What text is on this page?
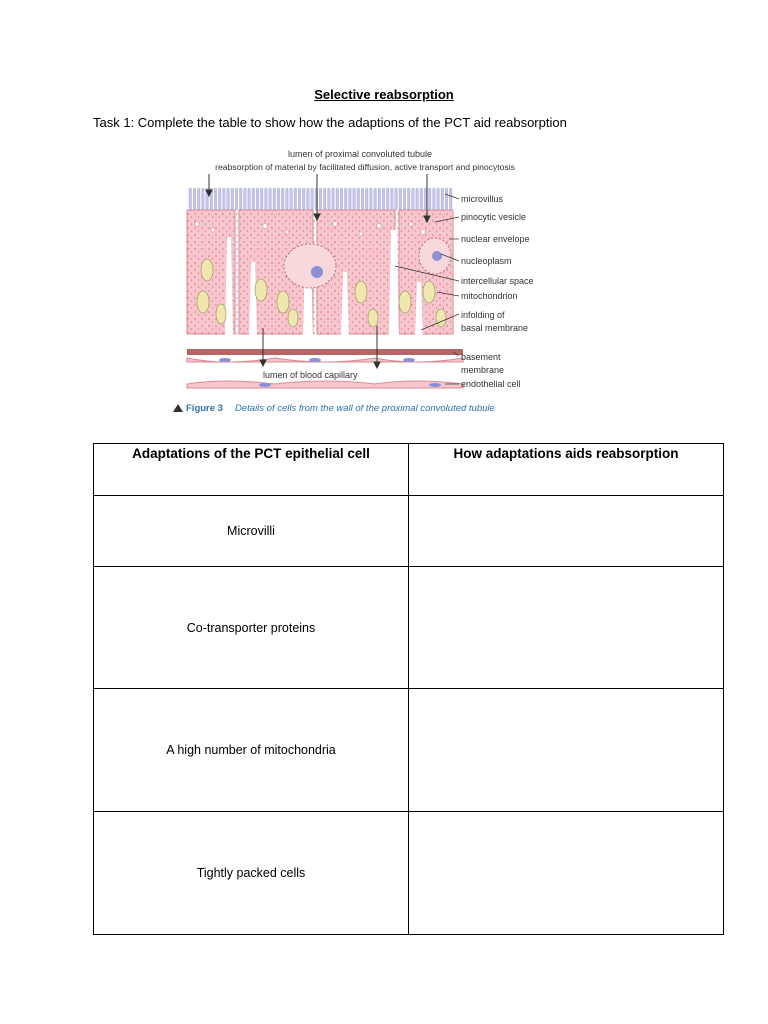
Selective reabsorption
Task 1: Complete the table to show how the adaptions of the PCT aid reabsorption
lumen of proximal convoluted tubule
reabsorption of material by facilitated diffusion, active transport and pinocytosis
microvillus
pinocytic vesicle
nuclear envelope
nucleoplasm
intercellular space
mitochondrion
infolding of
basal membrane
basement
membrane
endothelial cell
lumen of blood capillary
Figure 3 Details of cells from the wall of the proximal convoluted tubule
Adaptations of the PCT epithelial cell	How adaptations aids reabsorption
Microvilli	
Co-transporter proteins	
A high number of mitochondria	
Tightly packed cells	
